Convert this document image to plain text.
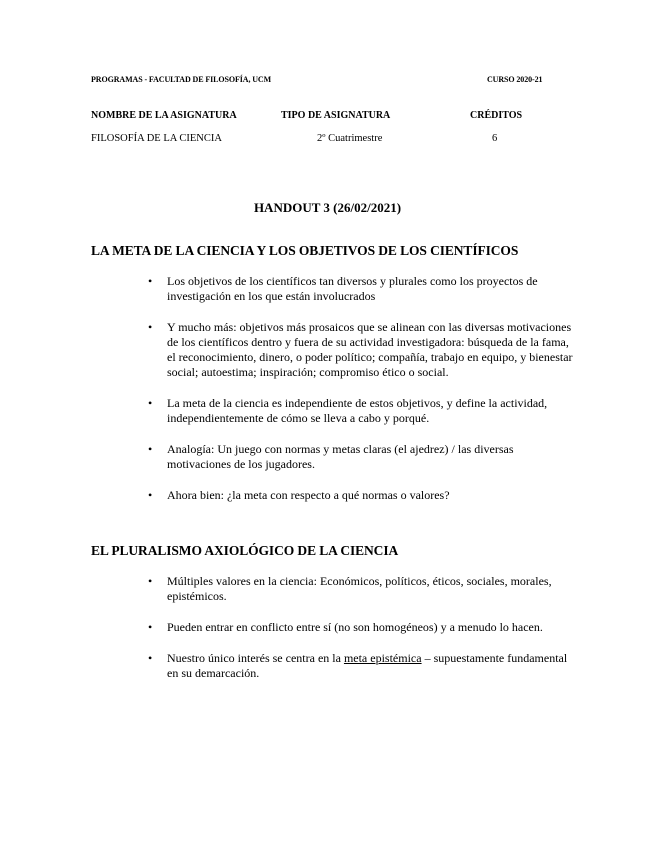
PROGRAMAS - FACULTAD DE FILOSOFÍA, UCM	CURSO 2020-21
NOMBRE DE LA ASIGNATURA	TIPO DE ASIGNATURA	CRÉDITOS
FILOSOFÍA DE LA CIENCIA	2º Cuatrimestre	6
HANDOUT 3 (26/02/2021)
LA META DE LA CIENCIA Y LOS OBJETIVOS DE LOS CIENTÍFICOS
• Los objetivos de los científicos tan diversos y plurales como los proyectos de investigación en los que están involucrados
• Y mucho más: objetivos más prosaicos que se alinean con las diversas motivaciones de los científicos dentro y fuera de su actividad investigadora: búsqueda de la fama, el reconocimiento, dinero, o poder político; compañía, trabajo en equipo, y bienestar social; autoestima; inspiración; compromiso ético o social.
• La meta de la ciencia es independiente de estos objetivos, y define la actividad, independientemente de cómo se lleva a cabo y porqué.
• Analogía: Un juego con normas y metas claras (el ajedrez) / las diversas motivaciones de los jugadores.
• Ahora bien: ¿la meta con respecto a qué normas o valores?
EL PLURALISMO AXIOLÓGICO DE LA CIENCIA
• Múltiples valores en la ciencia: Económicos, políticos, éticos, sociales, morales, epistémicos.
• Pueden entrar en conflicto entre sí (no son homogéneos) y a menudo lo hacen.
• Nuestro único interés se centra en la meta epistémica – supuestamente fundamental en su demarcación.
